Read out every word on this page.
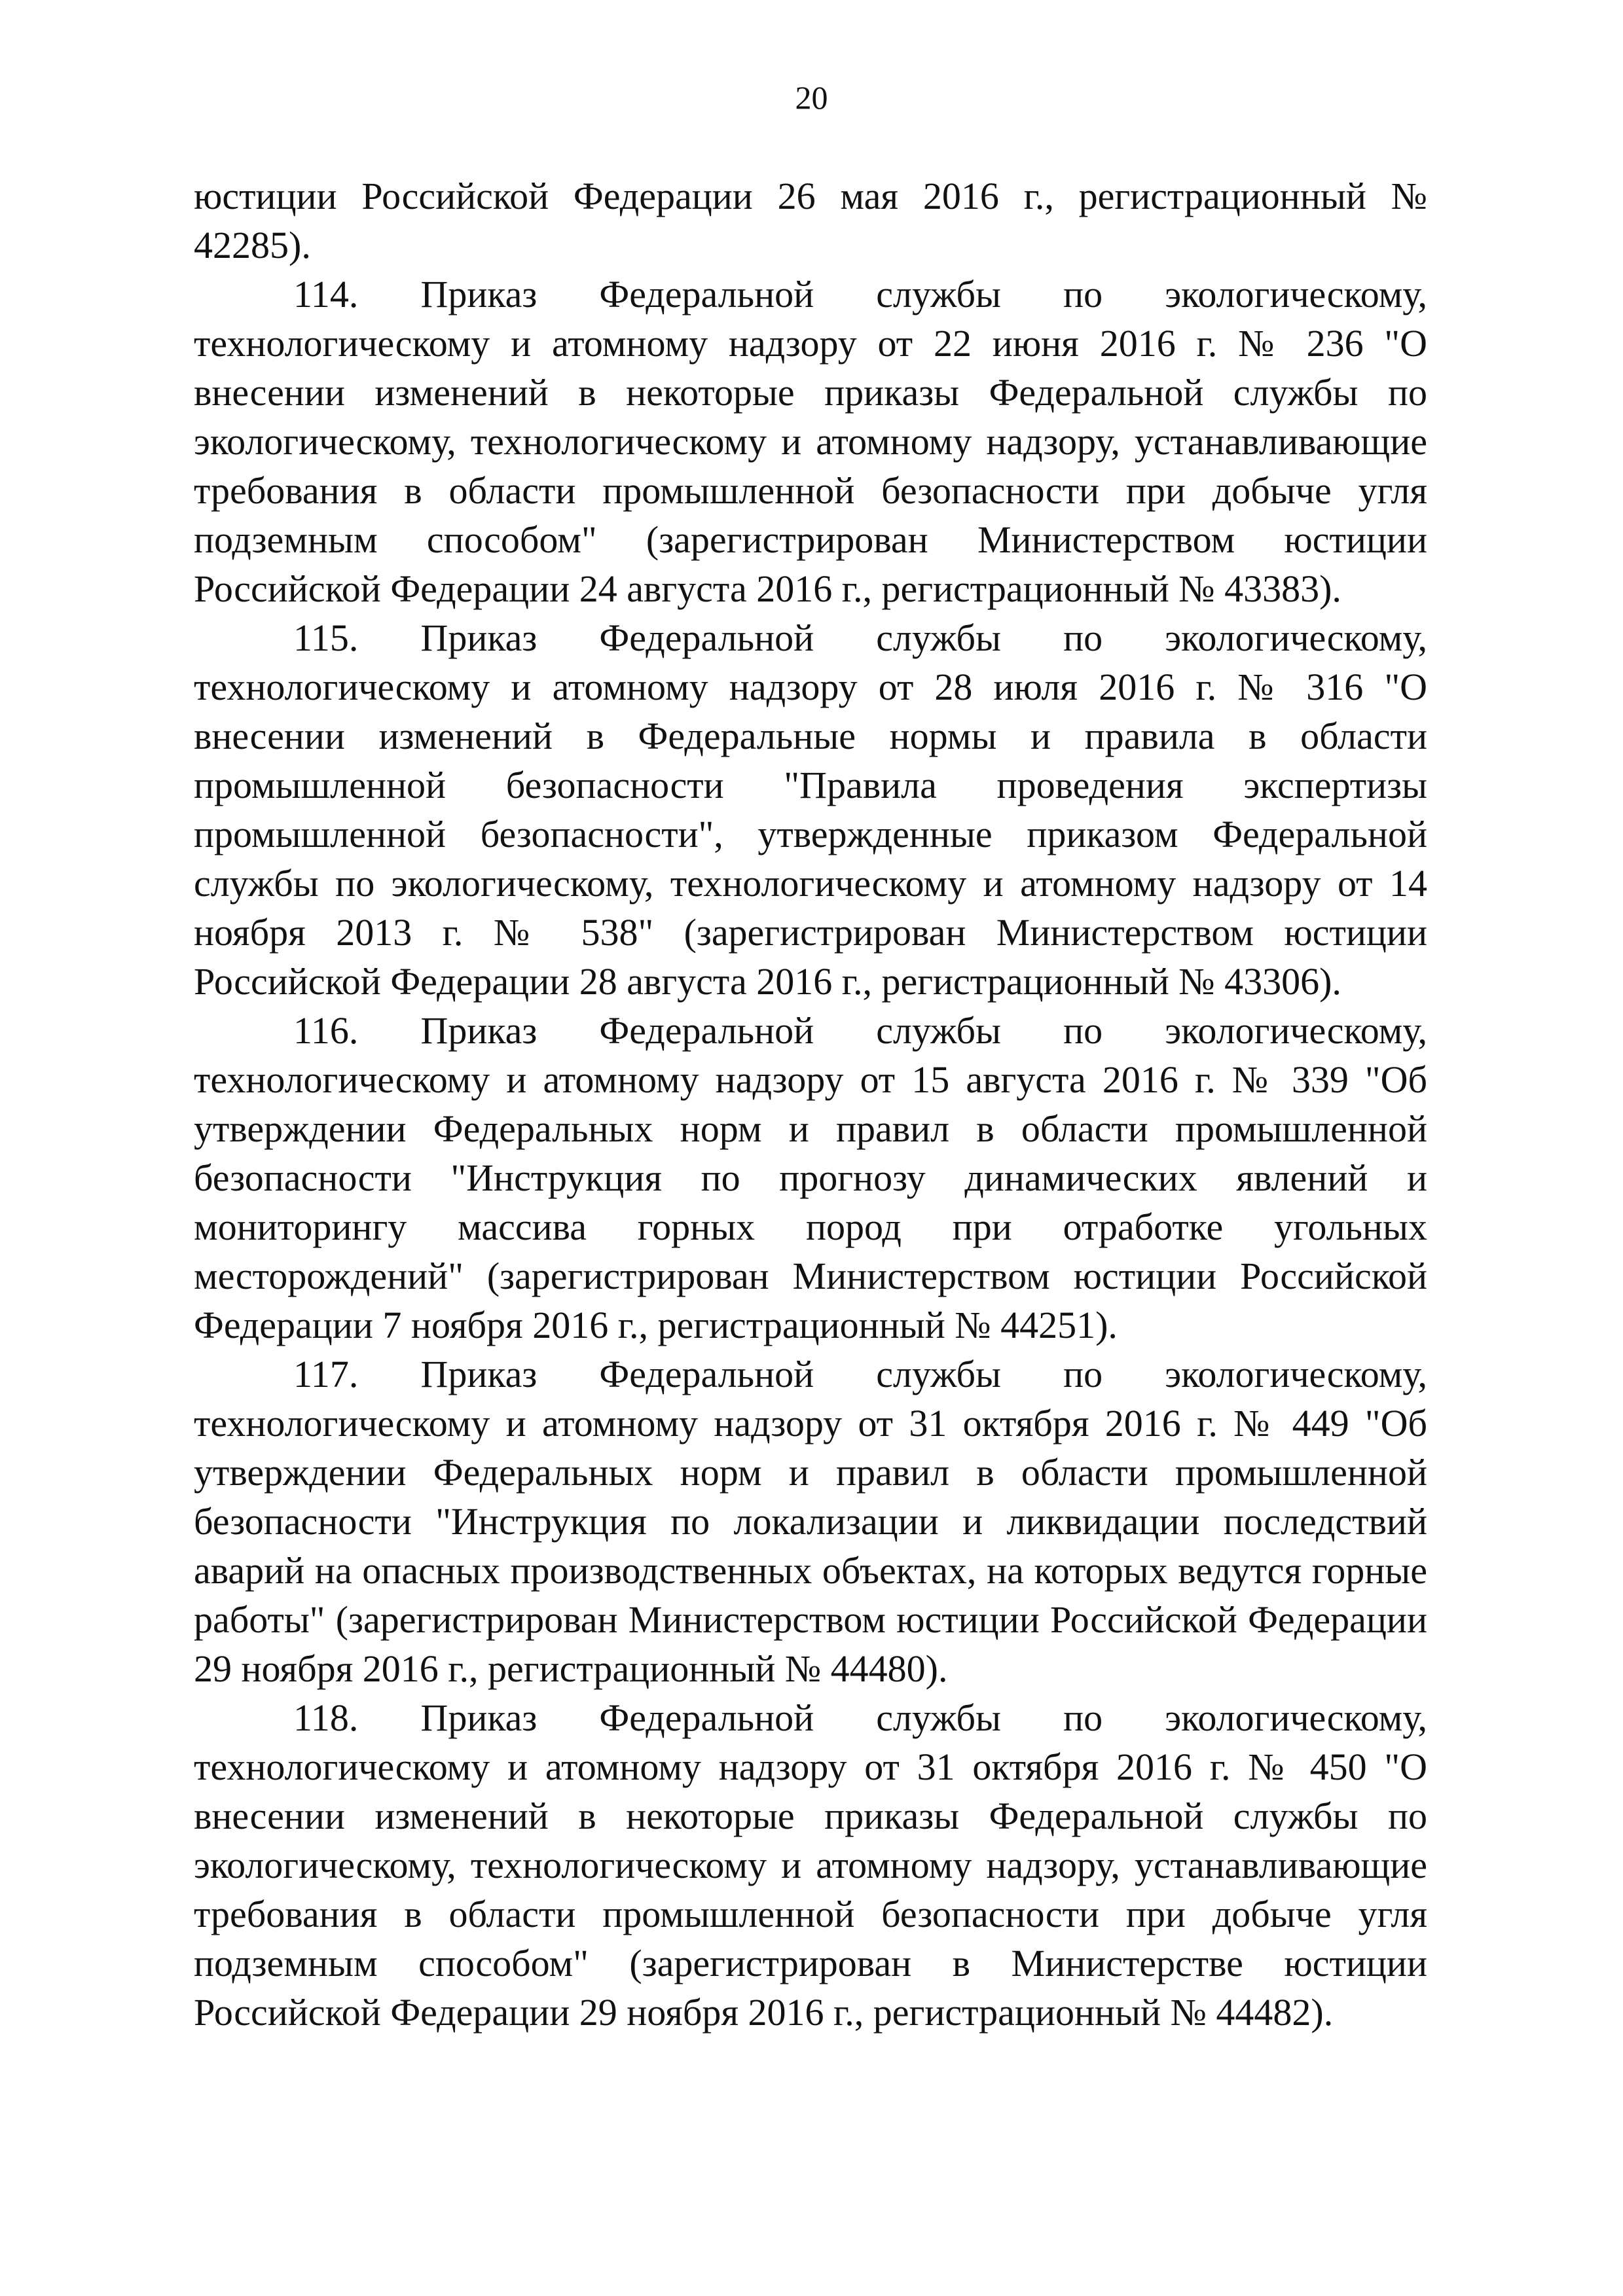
20

юстиции Российской Федерации 26 мая 2016 г., регистрационный № 42285).

114. Приказ Федеральной службы по экологическому, технологическому и атомному надзору от 22 июня 2016 г. № 236 "О внесении изменений в некоторые приказы Федеральной службы по экологическому, технологическому и атомному надзору, устанавливающие требования в области промышленной безопасности при добыче угля подземным способом" (зарегистрирован Министерством юстиции Российской Федерации 24 августа 2016 г., регистрационный № 43383).

115. Приказ Федеральной службы по экологическому, технологическому и атомному надзору от 28 июля 2016 г. № 316 "О внесении изменений в Федеральные нормы и правила в области промышленной безопасности "Правила проведения экспертизы промышленной безопасности", утвержденные приказом Федеральной службы по экологическому, технологическому и атомному надзору от 14 ноября 2013 г. № 538" (зарегистрирован Министерством юстиции Российской Федерации 28 августа 2016 г., регистрационный № 43306).

116. Приказ Федеральной службы по экологическому, технологическому и атомному надзору от 15 августа 2016 г. № 339 "Об утверждении Федеральных норм и правил в области промышленной безопасности "Инструкция по прогнозу динамических явлений и мониторингу массива горных пород при отработке угольных месторождений" (зарегистрирован Министерством юстиции Российской Федерации 7 ноября 2016 г., регистрационный № 44251).

117. Приказ Федеральной службы по экологическому, технологическому и атомному надзору от 31 октября 2016 г. № 449 "Об утверждении Федеральных норм и правил в области промышленной безопасности "Инструкция по локализации и ликвидации последствий аварий на опасных производственных объектах, на которых ведутся горные работы" (зарегистрирован Министерством юстиции Российской Федерации 29 ноября 2016 г., регистрационный № 44480).

118. Приказ Федеральной службы по экологическому, технологическому и атомному надзору от 31 октября 2016 г. № 450 "О внесении изменений в некоторые приказы Федеральной службы по экологическому, технологическому и атомному надзору, устанавливающие требования в области промышленной безопасности при добыче угля подземным способом" (зарегистрирован в Министерстве юстиции Российской Федерации 29 ноября 2016 г., регистрационный № 44482).
